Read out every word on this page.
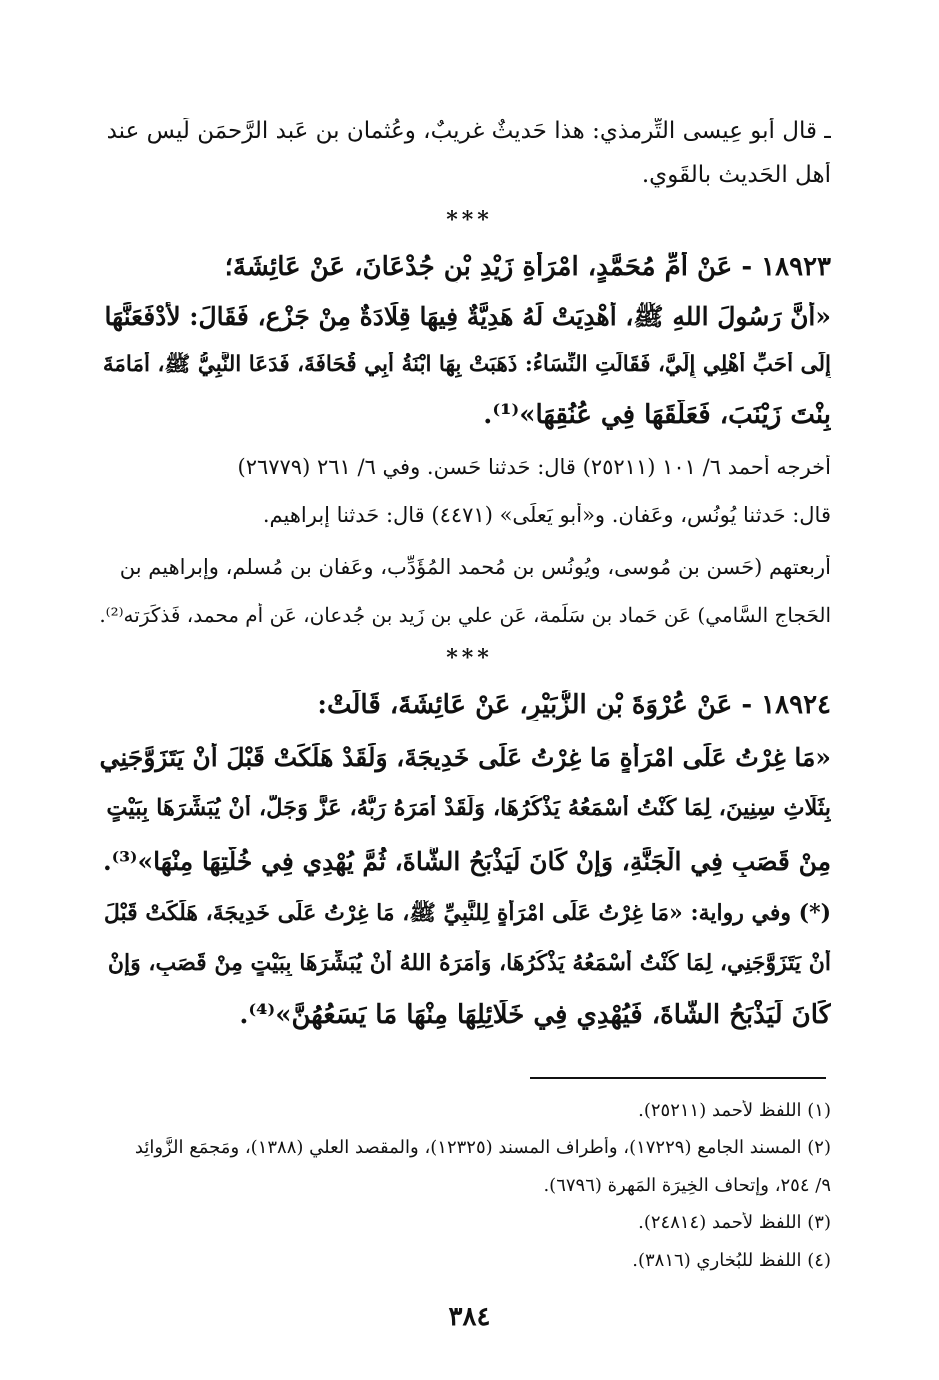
ـ قال أبو عِيسى التِّرمذي: هذا حَديثٌ غريبٌ، وعُثمان بن عَبد الرَّحمَن لَيس عند
أهل الحَديث بالقَوي.
***
١٨٩٢٣ - عَنْ أُمِّ مُحَمَّدٍ، امْرَأَةِ زَيْدِ بْنِ جُدْعَانَ، عَنْ عَائِشَةَ؛
«أَنَّ رَسُولَ اللهِ ﷺ، أُهْدِيَتْ لَهُ هَدِيَّةٌ فِيهَا قِلَادَةٌ مِنْ جَزْعٍ، فَقَالَ: لأَدْفَعَنَّهَا
إِلَى أَحَبِّ أَهْلِي إِلَيَّ، فَقَالَتِ النِّسَاءُ: ذَهَبَتْ بِهَا ابْنَةُ أَبِي قُحَافَةَ، فَدَعَا النَّبِيُّ ﷺ، أُمَامَةَ
بِنْتَ زَيْنَبَ، فَعَلَّقَهَا فِي عُنُقِهَا»⁽¹⁾.
أخرجه أحمد ٦/ ١٠١ (٢٥٢١١) قال: حَدثنا حَسن. وفي ٦/ ٢٦١ (٢٦٧٧٩)
قال: حَدثنا يُونُس، وعَفان. و«أَبو يَعلَى» (٤٤٧١) قال: حَدثنا إبراهيم.
أربعتهم (حَسن بن مُوسى، ويُونُس بن مُحمد المُؤَدِّب، وعَفان بن مُسلم، وإبراهيم بن
الحَجاج السَّامي) عَن حَماد بن سَلَمة، عَن علي بن زَيد بن جُدعان، عَن أُم محمد، فَذكَرَته⁽²⁾.
***
١٨٩٢٤ - عَنْ عُرْوَةَ بْنِ الزُّبَيْرِ، عَنْ عَائِشَةَ، قَالَتْ:
«مَا غِرْتُ عَلَى امْرَأَةٍ مَا غِرْتُ عَلَى خَدِيجَةَ، وَلَقَدْ هَلَكَتْ قَبْلَ أَنْ يَتَزَوَّجَنِي
بِثَلَاثِ سِنِينَ، لِمَا كُنْتُ أَسْمَعُهُ يَذْكُرُهَا، وَلَقَدْ أَمَرَهُ رَبُّهُ، عَزَّ وَجَلَّ، أَنْ يُبَشِّرَهَا بِبَيْتٍ
مِنْ قَصَبٍ فِي الْجَنَّةِ، وَإِنْ كَانَ لَيَذْبَحُ الشَّاةَ، ثُمَّ يُهْدِي فِي خُلَّتِهَا مِنْهَا»⁽³⁾.
(*) وفي رواية: «مَا غِرْتُ عَلَى امْرَأَةٍ لِلنَّبِيِّ ﷺ، مَا غِرْتُ عَلَى خَدِيجَةَ، هَلَكَتْ قَبْلَ
أَنْ يَتَزَوَّجَنِي، لِمَا كُنْتُ أَسْمَعُهُ يَذْكُرُهَا، وَأَمَرَهُ اللهُ أَنْ يُبَشِّرَهَا بِبَيْتٍ مِنْ قَصَبٍ، وَإِنْ
كَانَ لَيَذْبَحُ الشَّاةَ، فَيُهْدِي فِي خَلَائِلِهَا مِنْهَا مَا يَسَعُهُنَّ»⁽⁴⁾.
(١) اللفظ لأحمد (٢٥٢١١).
(٢) المسند الجامع (١٧٢٢٩)، وأطراف المسند (١٢٣٢٥)، والمقصد العلي (١٣٨٨)، ومَجمَع الزَّوائِد
٩/ ٢٥٤، وإتحاف الخِيرَة المَهرة (٦٧٩٦).
(٣) اللفظ لأحمد (٢٤٨١٤).
(٤) اللفظ للبُخاري (٣٨١٦).
٣٨٤
